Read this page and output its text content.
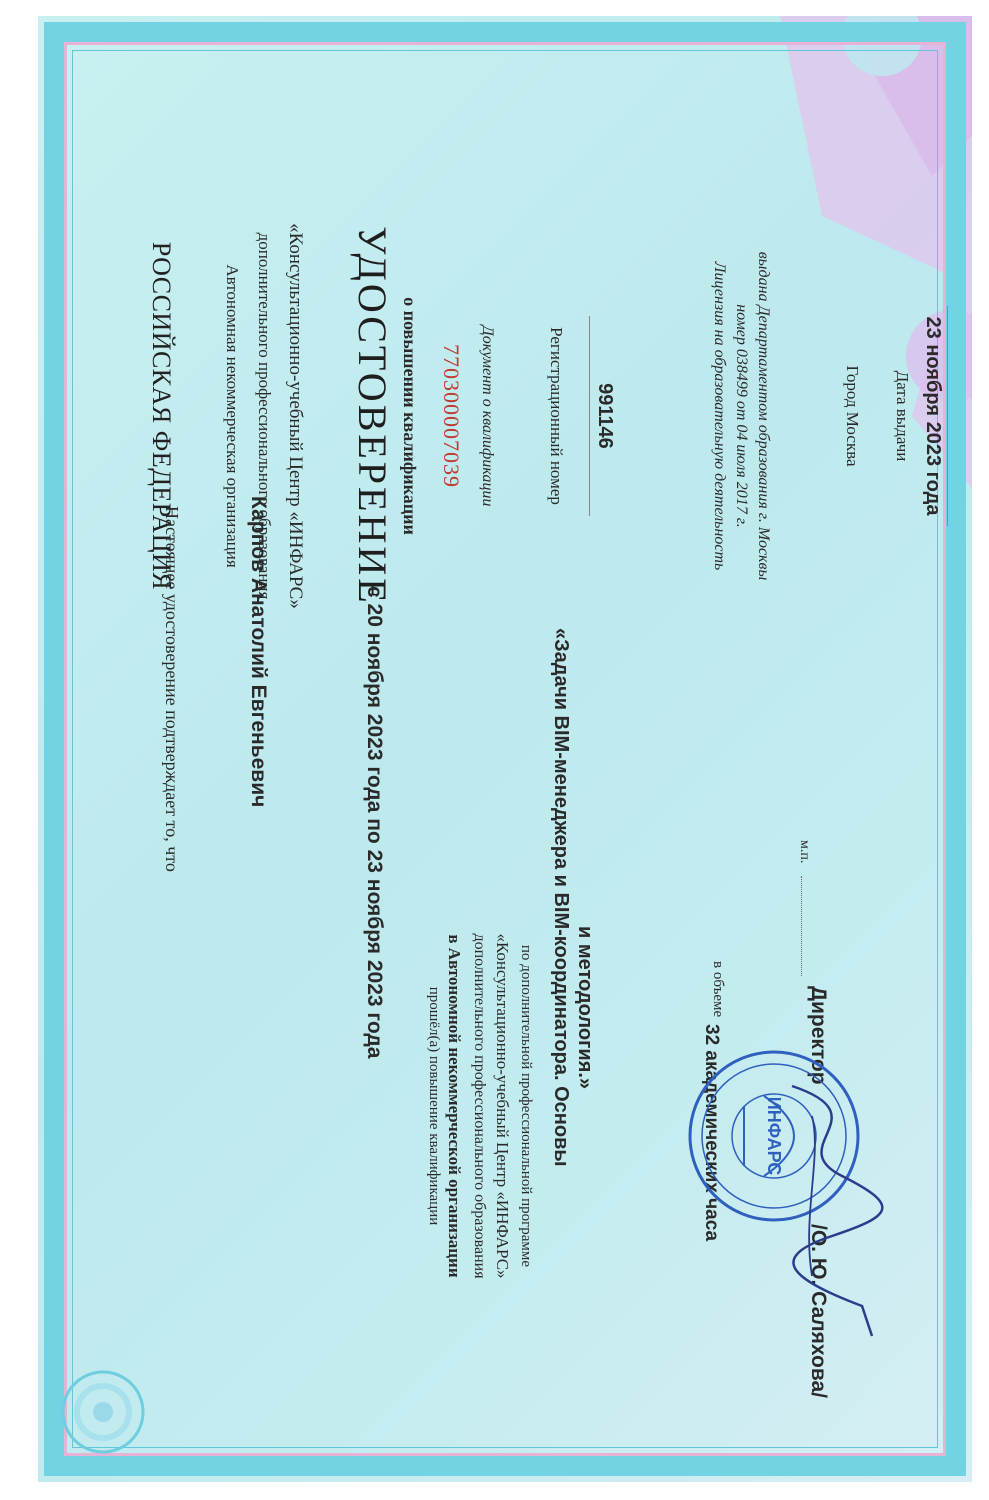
РОССИЙСКАЯ ФЕДЕРАЦИЯ	Автономная некоммерческая организация дополнительного профессионального образования «Консультационно-учебный Центр «ИНФАРС» УДОСТОВЕРЕНИЕ о повышении квалификации 770300007039 Документ о квалификации	Регистрационный номер 991146	Лицензия на образовательную деятельность номер 038499 от 04 июля 2017 г. выдана Департаментом образования г. Москвы	Город Москва Дата выдачи 23 ноября 2023 года
Настоящее удостоверение подтверждает то, что	Карпов Анатолий Евгеньевич	с 20 ноября 2023 года по 23 ноября 2023 года
прошёл(а) повышение квалификации в Автономной некоммерческой организации дополнительного профессионального образования «Консультационно-учебный Центр «ИНФАРС» по дополнительной профессиональной программе «Задачи BIM-менеджера и BIM-координатора. Основы и методология.»	в объеме
32 академических часа
м.п.
Директор
/О. Ю. Саляхова/
ИНФАРС
